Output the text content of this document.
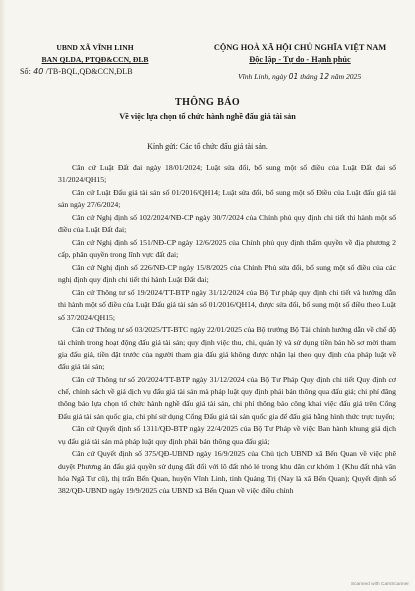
UBND XÃ VĨNH LINH
BAN QLDA, PTQĐ&CCN, ĐLB
CỘNG HOÀ XÃ HỘI CHỦ NGHĨA VIỆT NAM
Độc lập - Tự do - Hạnh phúc
Số: 40 /TB-BQL,QĐ&CCN,ĐLB
Vĩnh Linh, ngày 01 tháng 12 năm 2025
THÔNG BÁO
Về việc lựa chọn tổ chức hành nghề đấu giá tài sản
Kính gửi: Các tổ chức đấu giá tài sản.

Căn cứ Luật Đất đai ngày 18/01/2024; Luật sửa đổi, bổ sung một số điều của Luật Đất đai số 31/2024/QH15;

Căn cứ Luật Đấu giá tài sản số 01/2016/QH14; Luật sửa đổi, bổ sung một số Điều của Luật đấu giá tài sản ngày 27/6/2024;

Căn cứ Nghị định số 102/2024/NĐ-CP ngày 30/7/2024 của Chính phủ quy định chi tiết thi hành một số điều của Luật Đất đai;

Căn cứ Nghị định số 151/NĐ-CP ngày 12/6/2025 của Chính phủ quy định thẩm quyền về địa phương 2 cấp, phân quyền trong lĩnh vực đất đai;

Căn cứ Nghị định số 226/NĐ-CP ngày 15/8/2025 của Chính Phủ sửa đổi, bổ sung một số điều của các nghị định quy định chi tiết thi hành Luật Đất đai;

Căn cứ Thông tư số 19/2024/TT-BTP ngày 31/12/2024 của Bộ Tư pháp quy định chi tiết và hướng dẫn thi hành một số điều của Luật Đấu giá tài sản số 01/2016/QH14, được sửa đổi, bổ sung một số điều theo Luật số 37/2024/QH15;

Căn cứ Thông tư số 03/2025/TT-BTC ngày 22/01/2025 của Bộ trưởng Bộ Tài chính hướng dẫn về chế độ tài chính trong hoạt động đấu giá tài sản; quy định việc thu, chi, quản lý và sử dụng tiền bán hồ sơ mời tham gia đấu giá, tiền đặt trước của người tham gia đấu giá không được nhận lại theo quy định của pháp luật về đấu giá tài sản;

Căn cứ Thông tư số 20/2024/TT-BTP ngày 31/12/2024 của Bộ Tư Pháp Quy định chi tiết Quy định cơ chế, chính sách về giá dịch vụ đấu giá tài sản mà pháp luật quy định phải bán thông qua đấu giá; chi phí đăng thông báo lựa chọn tổ chức hành nghề đấu giá tài sản, chi phí thông báo công khai việc đấu giá trên Cổng Đấu giá tài sản quốc gia, chi phí sử dụng Cổng Đấu giá tài sản quốc gia để đấu giá bằng hình thức trực tuyến;

Căn cứ Quyết định số 1311/QĐ-BTP ngày 22/4/2025 của Bộ Tư Pháp về việc Ban hành khung giá dịch vụ đấu giá tài sản mà pháp luật quy định phải bán thông qua đấu giá;

Căn cứ Quyết định số 375/QĐ-UBND ngày 16/9/2025 của Chủ tịch UBND xã Bến Quan về việc phê duyệt Phương án đấu giá quyền sử dụng đất đối với lô đất nhỏ lẻ trong khu dân cư khóm 1 (Khu đất nhà văn hóa Ngã Tư cũ), thị trấn Bến Quan, huyện Vĩnh Linh, tỉnh Quảng Trị (Nay là xã Bến Quan); Quyết định số 382/QĐ-UBND ngày 19/9/2025 của UBND xã Bến Quan về việc điều chỉnh

Scanned with CamScanner
